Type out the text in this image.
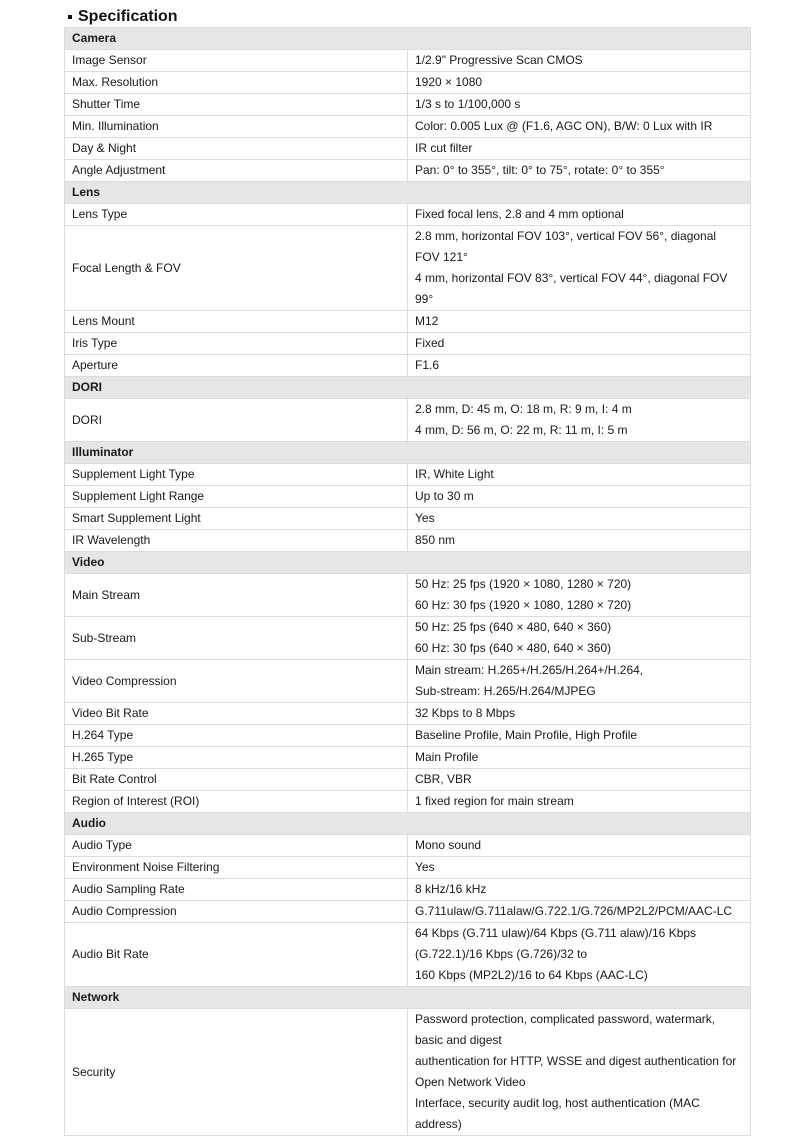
Specification
Camera	
Image Sensor	1/2.9" Progressive Scan CMOS

Max. Resolution	1920 × 1080

Shutter Time	1/3 s to 1/100,000 s

Min. Illumination	Color: 0.005 Lux @ (F1.6, AGC ON), B/W: 0 Lux with IR

Day & Night	IR cut filter

Angle Adjustment	Pan: 0° to 355°, tilt: 0° to 75°, rotate: 0° to 355°

Lens	
Lens Type	Fixed focal lens, 2.8 and 4 mm optional

Focal Length & FOV	2.8 mm, horizontal FOV 103°, vertical FOV 56°, diagonal FOV 121°
4 mm, horizontal FOV 83°, vertical FOV 44°, diagonal FOV 99°

Lens Mount	M12

Iris Type	Fixed

Aperture	F1.6

DORI	
DORI	2.8 mm, D: 45 m, O: 18 m, R: 9 m, I: 4 m
4 mm, D: 56 m, O: 22 m, R: 11 m, I: 5 m

Illuminator	
Supplement Light Type	IR, White Light

Supplement Light Range	Up to 30 m

Smart Supplement Light	Yes

IR Wavelength	850 nm

Video	
Main Stream	50 Hz: 25 fps (1920 × 1080, 1280 × 720)
60 Hz: 30 fps (1920 × 1080, 1280 × 720)

Sub-Stream	50 Hz: 25 fps (640 × 480, 640 × 360)
60 Hz: 30 fps (640 × 480, 640 × 360)

Video Compression	Main stream: H.265+/H.265/H.264+/H.264,
Sub-stream: H.265/H.264/MJPEG

Video Bit Rate	32 Kbps to 8 Mbps

H.264 Type	Baseline Profile, Main Profile, High Profile

H.265 Type	Main Profile

Bit Rate Control	CBR, VBR

Region of Interest (ROI)	1 fixed region for main stream

Audio	
Audio Type	Mono sound

Environment Noise Filtering	Yes

Audio Sampling Rate	8 kHz/16 kHz

Audio Compression	G.711ulaw/G.711alaw/G.722.1/G.726/MP2L2/PCM/AAC-LC

Audio Bit Rate	64 Kbps (G.711 ulaw)/64 Kbps (G.711 alaw)/16 Kbps (G.722.1)/16 Kbps (G.726)/32 to
160 Kbps (MP2L2)/16 to 64 Kbps (AAC-LC)

Network	
Security	Password protection, complicated password, watermark, basic and digest
authentication for HTTP, WSSE and digest authentication for Open Network Video
Interface, security audit log, host authentication (MAC address)
